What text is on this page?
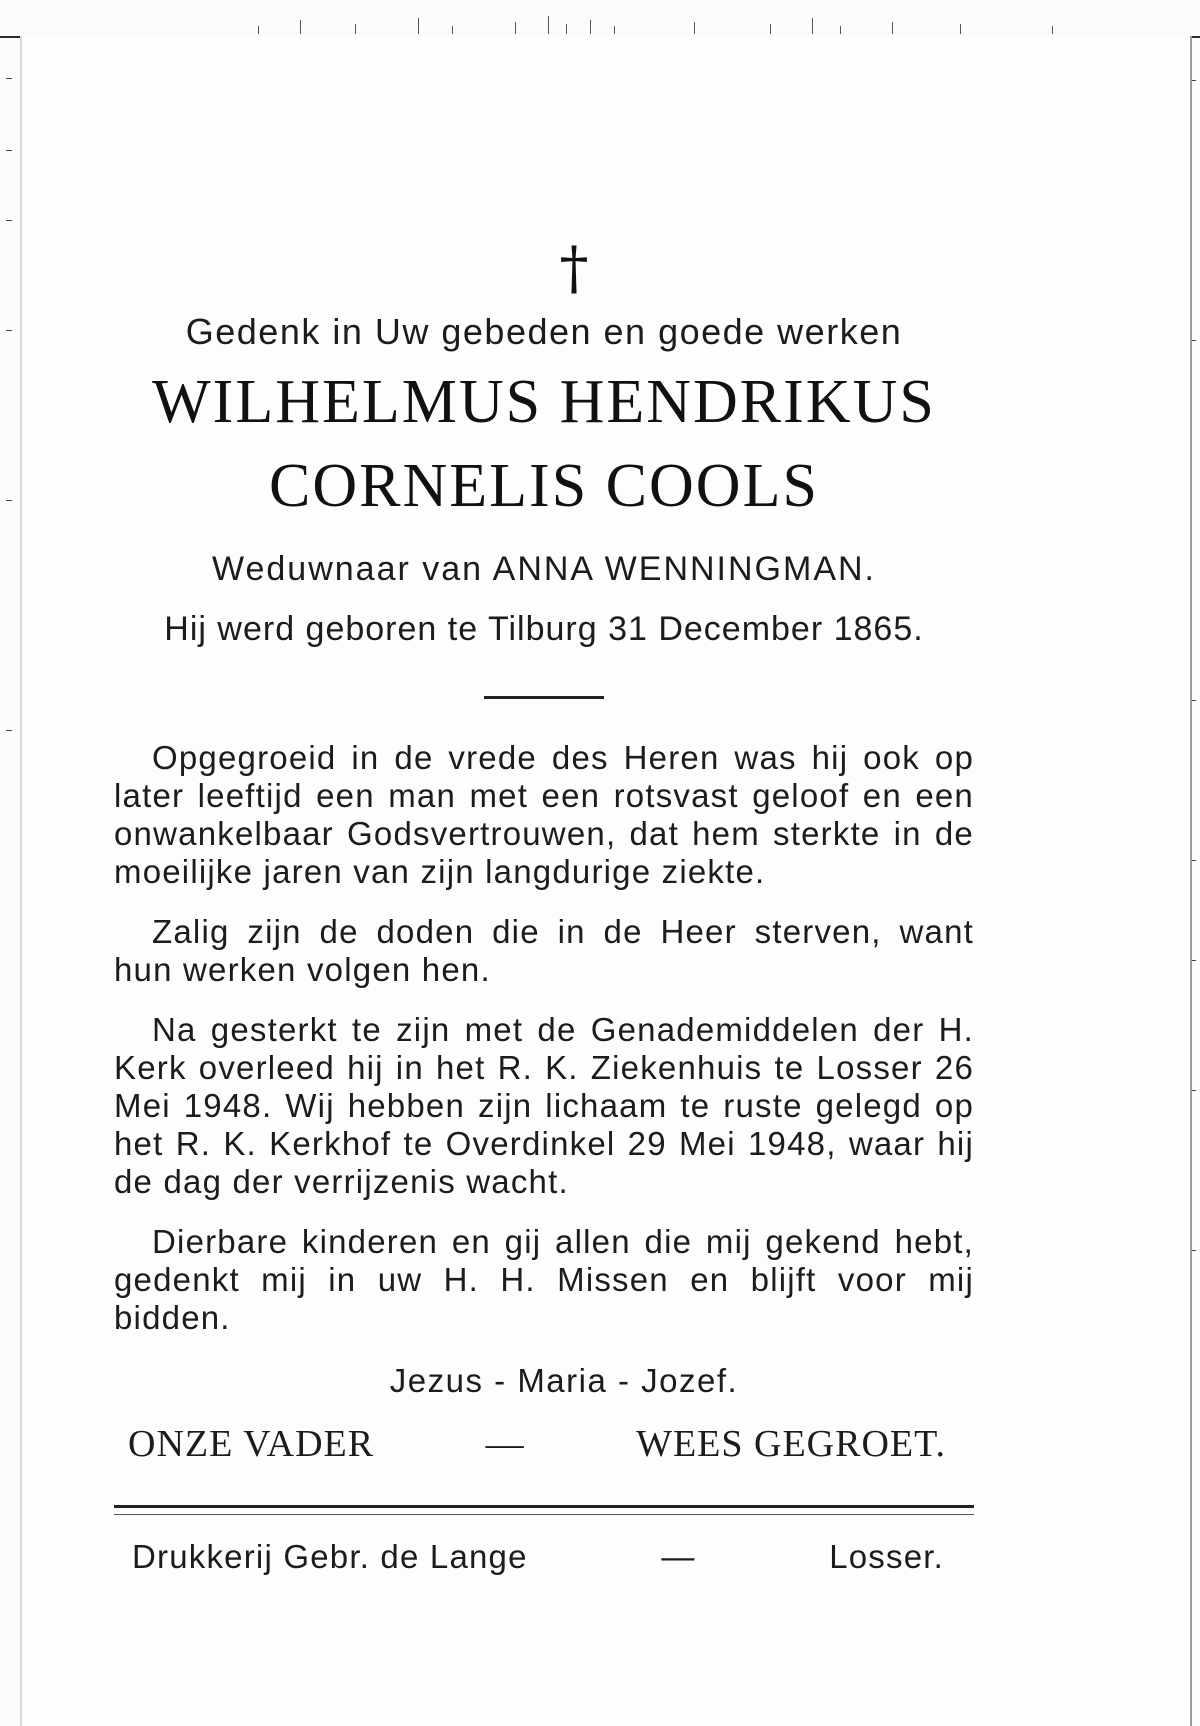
†
Gedenk in Uw gebeden en goede werken
WILHELMUS HENDRIKUS
CORNELIS COOLS
Weduwnaar van ANNA WENNINGMAN.
Hij werd geboren te Tilburg 31 December 1865.

Opgegroeid in de vrede des Heren was hij ook op later leeftijd een man met een rotsvast geloof en een onwankelbaar Godsvertrouwen, dat hem sterkte in de moeilijke jaren van zijn langdurige ziekte.

Zalig zijn de doden die in de Heer sterven, want hun werken volgen hen.

Na gesterkt te zijn met de Genademiddelen der H. Kerk overleed hij in het R. K. Ziekenhuis te Losser 26 Mei 1948. Wij hebben zijn lichaam te ruste gelegd op het R. K. Kerkhof te Overdinkel 29 Mei 1948, waar hij de dag der verrijzenis wacht.

Dierbare kinderen en gij allen die mij gekend hebt, gedenkt mij in uw H. H. Missen en blijft voor mij bidden.

Jezus - Maria - Jozef.
ONZE VADER	—	WEES GEGROET.
Drukkerij Gebr. de Lange	—	Losser.
